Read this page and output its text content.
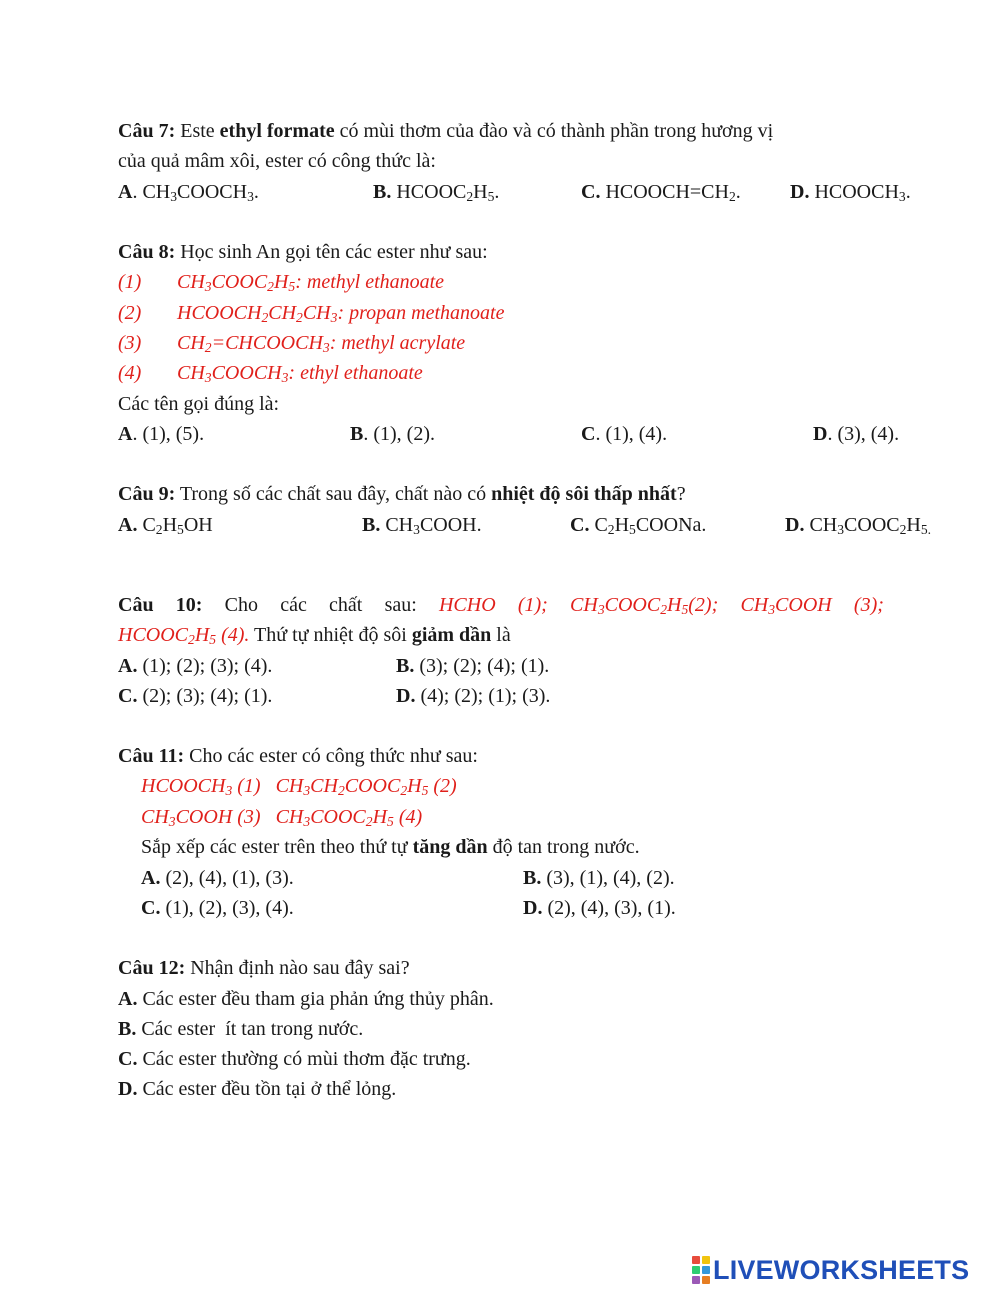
Câu 7: Este ethyl formate có mùi thơm của đào và có thành phần trong hương vị
của quả mâm xôi, ester có công thức là:
A. $CH_3COOCH_3$.	B. $HCOOC_2H_5$.	C. $HCOOCH=CH_2$. D. $HCOOCH_3$.
Câu 8: Học sinh An gọi tên các ester như sau:
(1) $CH_3COOC_2H_5$: methyl ethanoate
(2) $HCOOCH_2CH_2CH_3$: propan methanoate
(3) $CH_2=CHCOOCH_3$: methyl acrylate
(4) $CH_3COOCH_3$: ethyl ethanoate
Các tên gọi đúng là:
A. (1), (5).	B. (1), (2).	C. (1), (4).	D. (3), (4).
Câu 9: Trong số các chất sau đây, chất nào có nhiệt độ sôi thấp nhất?
A. $C_2H_5OH$	B. $CH_3COOH$.	C. $C_2H_5COONa$.	D. $CH_3COOC_2H_{5.}$
Câu 10: Cho các chất sau: HCHO (1); $CH_3COOC_2H_5(2)$; $CH_3COOH$ (3);
$HCOOC_2H_5$ (4). Thứ tự nhiệt độ sôi giảm dần là
A. (1); (2); (3); (4).	B. (3); (2); (4); (1).
C. (2); (3); (4); (1).	D. (4); (2); (1); (3).
Câu 11: Cho các ester có công thức như sau:
$HCOOCH_3$ (1)   $CH_3CH_2COOC_2H_5$ (2)
$CH_3COOH$ (3)   $CH_3COOC_2H_5$ (4)
Sắp xếp các ester trên theo thứ tự tăng dần độ tan trong nước.
A. (2), (4), (1), (3).	B. (3), (1), (4), (2).
C. (1), (2), (3), (4).	D. (2), (4), (3), (1).
Câu 12: Nhận định nào sau đây sai?
A. Các ester đều tham gia phản ứng thủy phân.
B. Các ester  ít tan trong nước.
C. Các ester thường có mùi thơm đặc trưng.
D. Các ester đều tồn tại ở thể lỏng.
LIVEWORKSHEETS
